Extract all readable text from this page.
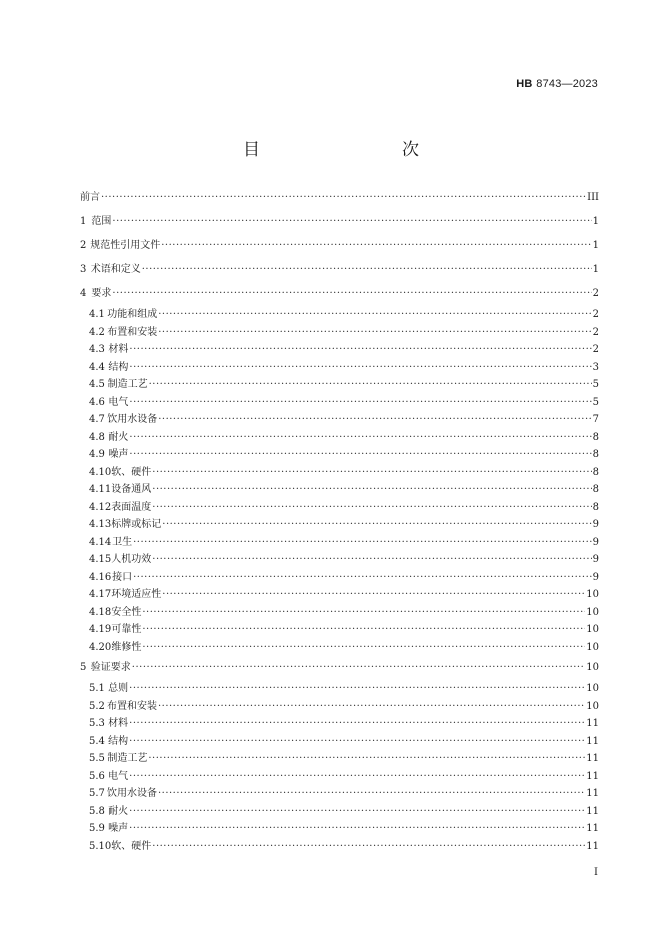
HB 8743—2023
目　　次
前言 ·····	III
1 范围 ·····	1
2 规范性引用文件 ·····	1
3 术语和定义 ·····	1
4 要求 ·····	2
4.1 功能和组成 ·····	2
4.2 布置和安装 ·····	2
4.3 材料 ·····	2
4.4 结构 ·····	3
4.5 制造工艺 ·····	5
4.6 电气 ·····	5
4.7 饮用水设备 ·····	7
4.8 耐火 ·····	8
4.9 噪声 ·····	8
4.10 软、硬件 ·····	8
4.11 设备通风 ·····	8
4.12 表面温度 ·····	8
4.13 标牌或标记 ·····	9
4.14 卫生 ·····	9
4.15 人机功效 ·····	9
4.16 接口 ·····	9
4.17 环境适应性 ·····	10
4.18 安全性 ·····	10
4.19 可靠性 ·····	10
4.20 维修性 ·····	10
5 验证要求 ·····	10
5.1 总则 ·····	10
5.2 布置和安装 ·····	10
5.3 材料 ·····	11
5.4 结构 ·····	11
5.5 制造工艺 ·····	11
5.6 电气 ·····	11
5.7 饮用水设备 ·····	11
5.8 耐火 ·····	11
5.9 噪声 ·····	11
5.10 软、硬件 ·····	11
I
